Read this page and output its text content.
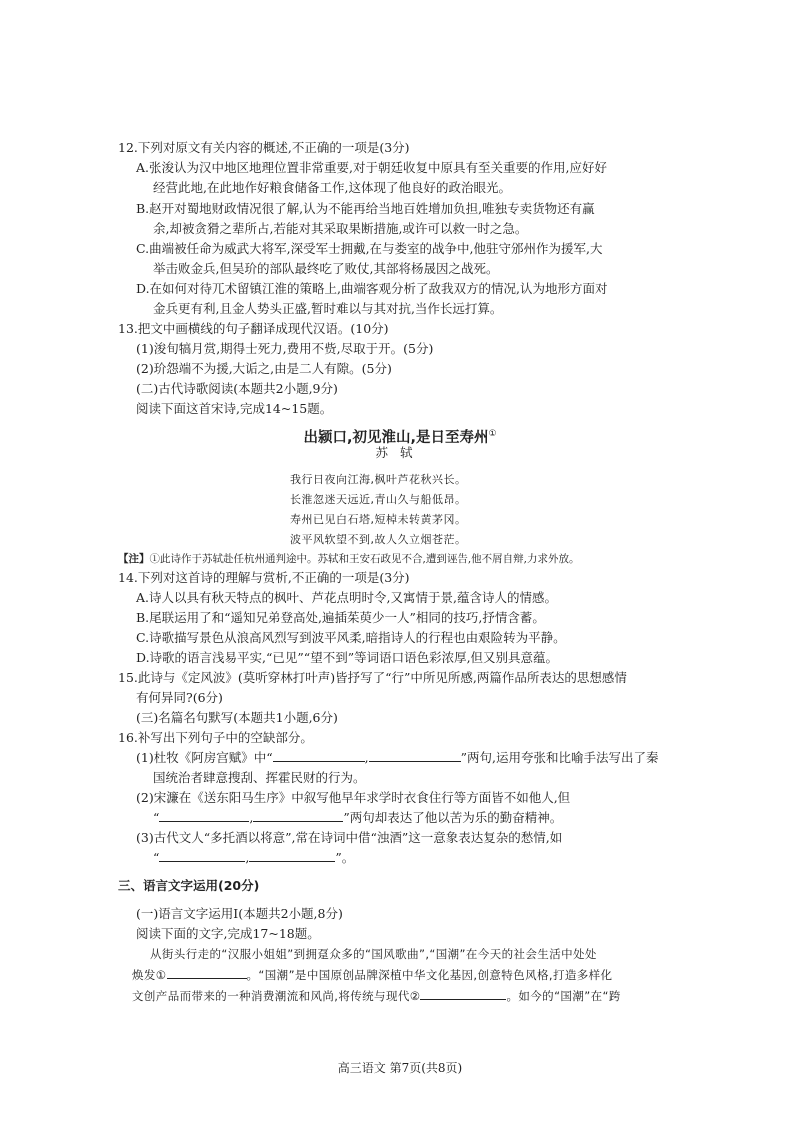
12.下列对原文有关内容的概述,不正确的一项是(3分)
A.张浚认为汉中地区地理位置非常重要,对于朝廷收复中原具有至关重要的作用,应好好
经营此地,在此地作好粮食储备工作,这体现了他良好的政治眼光。
B.赵开对蜀地财政情况很了解,认为不能再给当地百姓增加负担,唯独专卖货物还有赢
余,却被贪猾之辈所占,若能对其采取果断措施,或许可以救一时之急。
C.曲端被任命为威武大将军,深受军士拥戴,在与娄室的战争中,他驻守邠州作为援军,大
举击败金兵,但吴玠的部队最终吃了败仗,其部将杨晟因之战死。
D.在如何对待兀术留镇江淮的策略上,曲端客观分析了敌我双方的情况,认为地形方面对
金兵更有利,且金人势头正盛,暂时难以与其对抗,当作长远打算。
13.把文中画横线的句子翻译成现代汉语。(10分)
(1)浚旬犒月赏,期得士死力,费用不赀,尽取于开。(5分)
(2)玠怨端不为援,大诟之,由是二人有隙。(5分)
(二)古代诗歌阅读(本题共2小题,9分)
阅读下面这首宋诗,完成14~15题。
出颍口,初见淮山,是日至寿州①
苏轼
我行日夜向江海,枫叶芦花秋兴长。
长淮忽迷天远近,青山久与船低昂。
寿州已见白石塔,短棹未转黄茅冈。
波平风软望不到,故人久立烟苍茫。
【注】①此诗作于苏轼赴任杭州通判途中。苏轼和王安石政见不合,遭到诬告,他不屑自辩,力求外放。
14.下列对这首诗的理解与赏析,不正确的一项是(3分)
A.诗人以具有秋天特点的枫叶、芦花点明时令,又寓情于景,蕴含诗人的情感。
B.尾联运用了和“遥知兄弟登高处,遍插茱萸少一人”相同的技巧,抒情含蓄。
C.诗歌描写景色从浪高风烈写到波平风柔,暗指诗人的行程也由艰险转为平静。
D.诗歌的语言浅易平实,“已见”“望不到”等词语口语色彩浓厚,但又别具意蕴。
15.此诗与《定风波》(莫听穿林打叶声)皆抒写了“行”中所见所感,两篇作品所表达的思想感情
有何异同?(6分)
(三)名篇名句默写(本题共1小题,6分)
16.补写出下列句子中的空缺部分。
(1)杜牧《阿房宫赋》中“	,	”两句,运用夸张和比喻手法写出了秦
国统治者肆意搜刮、挥霍民财的行为。
(2)宋濂在《送东阳马生序》中叙写他早年求学时衣食住行等方面皆不如他人,但
“	,	”两句却表达了他以苦为乐的勤奋精神。
(3)古代文人“多托酒以将意”,常在诗词中借“浊酒”这一意象表达复杂的愁情,如
“	,	”。
三、语言文字运用(20分)
(一)语言文字运用Ⅰ(本题共2小题,8分)
阅读下面的文字,完成17~18题。
从街头行走的“汉服小姐姐”到拥趸众多的“国风歌曲”,“国潮”在今天的社会生活中处处
焕发①	。“国潮”是中国原创品牌深植中华文化基因,创意特色风格,打造多样化
文创产品而带来的一种消费潮流和风尚,将传统与现代②	。如今的“国潮”在“跨
高三语文 第7页(共8页)
